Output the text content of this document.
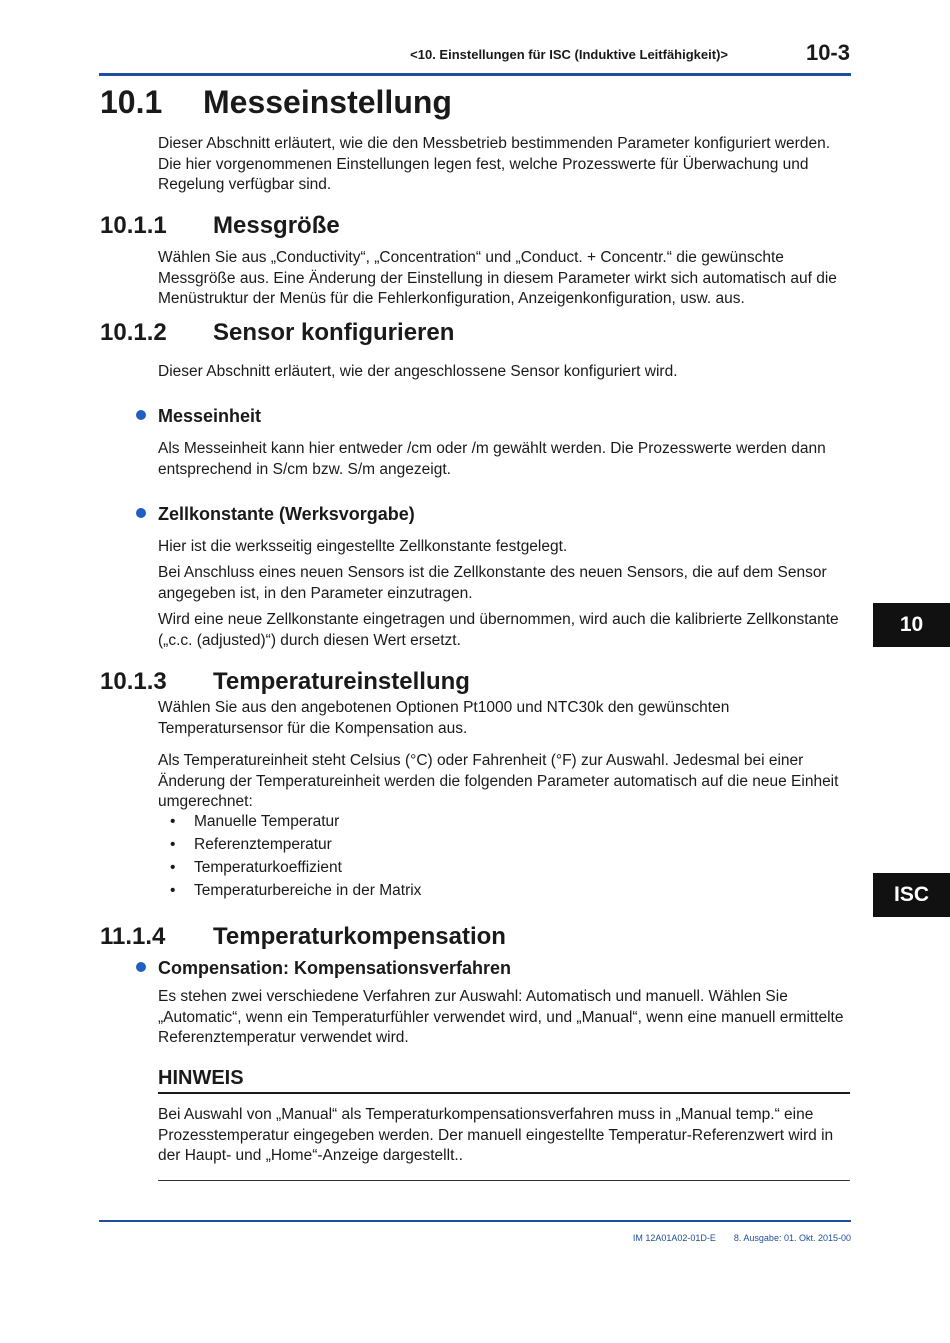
<10. Einstellungen für ISC (Induktive Leitfähigkeit)>	10-3
10.1 Messeinstellung
Dieser Abschnitt erläutert, wie die den Messbetrieb bestimmenden Parameter konfiguriert werden. Die hier vorgenommenen Einstellungen legen fest, welche Prozesswerte für Überwachung und Regelung verfügbar sind.
10.1.1 Messgröße
Wählen Sie aus „Conductivity“, „Concentration“ und „Conduct. + Concentr.“ die gewünschte Messgröße aus. Eine Änderung der Einstellung in diesem Parameter wirkt sich automatisch auf die Menüstruktur der Menüs für die Fehlerkonfiguration, Anzeigenkonfiguration, usw. aus.
10.1.2 Sensor konfigurieren
Dieser Abschnitt erläutert, wie der angeschlossene Sensor konfiguriert wird.
Messeinheit
Als Messeinheit kann hier entweder /cm oder /m gewählt werden. Die Prozesswerte werden dann entsprechend in S/cm bzw. S/m angezeigt.
Zellkonstante (Werksvorgabe)
Hier ist die werksseitig eingestellte Zellkonstante festgelegt.
Bei Anschluss eines neuen Sensors ist die Zellkonstante des neuen Sensors, die auf dem Sensor angegeben ist, in den Parameter einzutragen.
Wird eine neue Zellkonstante eingetragen und übernommen, wird auch die kalibrierte Zellkonstante („c.c. (adjusted)“) durch diesen Wert ersetzt.
10.1.3 Temperatureinstellung
Wählen Sie aus den angebotenen Optionen Pt1000 und NTC30k den gewünschten Temperatursensor für die Kompensation aus.
Als Temperatureinheit steht Celsius (°C) oder Fahrenheit (°F) zur Auswahl. Jedesmal bei einer Änderung der Temperatureinheit werden die folgenden Parameter automatisch auf die neue Einheit umgerechnet:
• Manuelle Temperatur
• Referenztemperatur
• Temperaturkoeffizient
• Temperaturbereiche in der Matrix
11.1.4 Temperaturkompensation
Compensation: Kompensationsverfahren
Es stehen zwei verschiedene Verfahren zur Auswahl: Automatisch und manuell. Wählen Sie „Automatic“, wenn ein Temperaturfühler verwendet wird, und „Manual“, wenn eine manuell ermittelte Referenztemperatur verwendet wird.
HINWEIS
Bei Auswahl von „Manual“ als Temperaturkompensationsverfahren muss in „Manual temp.“ eine Prozesstemperatur eingegeben werden. Der manuell eingestellte Temperatur-Referenzwert wird in der Haupt- und „Home“-Anzeige dargestellt..
10
ISC
IM 12A01A02-01D-E 8. Ausgabe: 01. Okt. 2015-00
